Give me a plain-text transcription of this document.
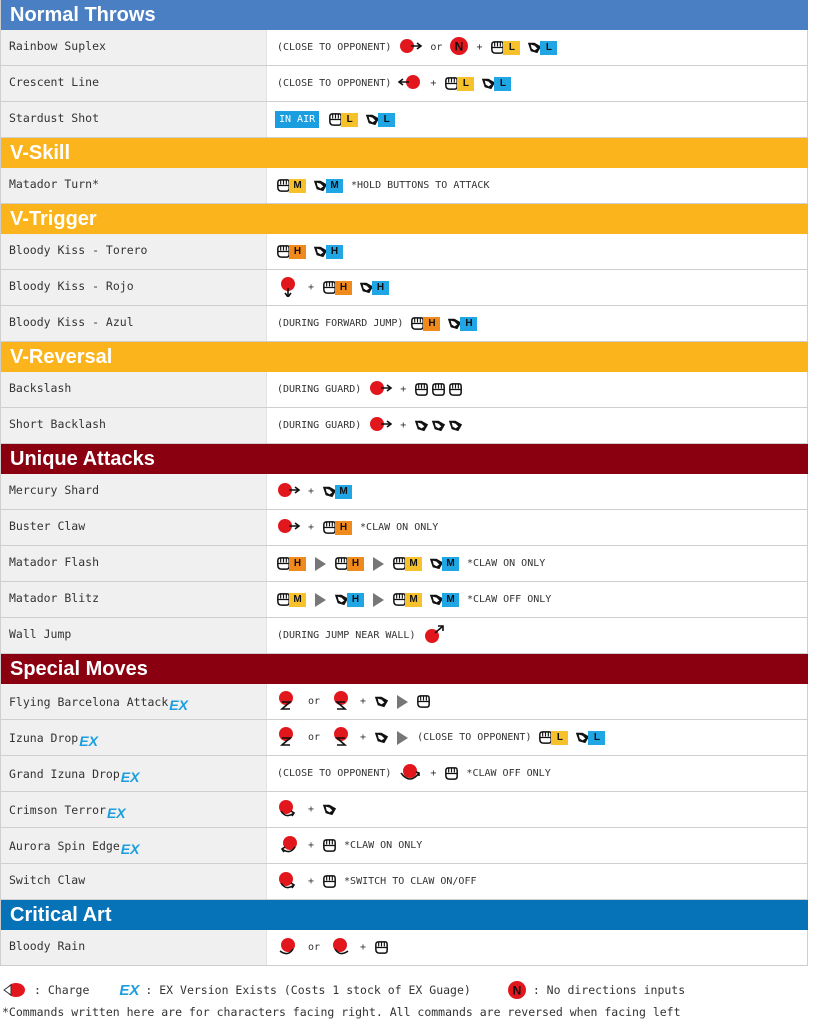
Normal Throws
Rainbow Suplex	(CLOSE TO OPPONENT)	or N +	L	L
Crescent Line	(CLOSE TO OPPONENT)	+	L	L
Stardust Shot	IN AIR	L	L
V-Skill
Matador Turn*	M	M	*HOLD BUTTONS TO ATTACK
V-Trigger
Bloody Kiss - Torero	H	H
Bloody Kiss - Rojo	+	H	H
Bloody Kiss - Azul	(DURING FORWARD JUMP)	H	H
V-Reversal
Backslash	(DURING GUARD)	+
Short Backlash	(DURING GUARD)	+
Unique Attacks
Mercury Shard	+	M
Buster Claw	+	H	*CLAW ON ONLY
Matador Flash	H	H	M	M	*CLAW ON ONLY
Matador Blitz	M	H	M	M	*CLAW OFF ONLY
Wall Jump	(DURING JUMP NEAR WALL)
Special Moves
Flying Barcelona AttackEX	or	+
Izuna DropEX	or	+	(CLOSE TO OPPONENT)	L	L
Grand Izuna DropEX	(CLOSE TO OPPONENT)	+	*CLAW OFF ONLY
Crimson TerrorEX	+
Aurora Spin EdgeEX	+	*CLAW ON ONLY
Switch Claw	+	*SWITCH TO CLAW ON/OFF
Critical Art
Bloody Rain	or	+
: Charge EX : EX Version Exists (Costs 1 stock of EX Guage)	N : No directions inputs
*Commands written here are for characters facing right. All commands are reversed when facing left
